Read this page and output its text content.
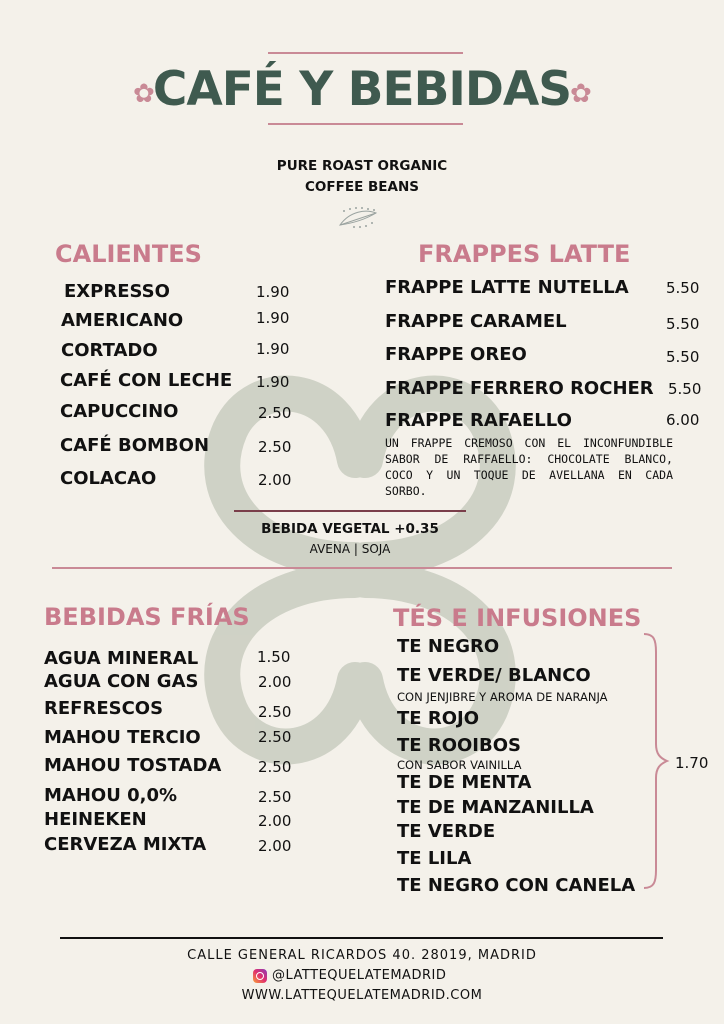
✿
CAFÉ Y BEBIDAS
✿
PURE ROAST ORGANIC
COFFEE BEANS
CALIENTES
EXPRESSO	1.90
AMERICANO	1.90
CORTADO	1.90
CAFÉ CON LECHE 1.90
CAPUCCINO	2.50
CAFÉ BOMBON	2.50
COLACAO	2.00
FRAPPES LATTE
FRAPPE LATTE NUTELLA 5.50
FRAPPE CARAMEL	5.50
FRAPPE OREO	5.50
FRAPPE FERRERO ROCHER 5.50
FRAPPE RAFAELLO	6.00
UN FRAPPE CREMOSO CON EL INCONFUNDIBLE SABOR DE RAFFAELLO: CHOCOLATE BLANCO, COCO Y UN TOQUE DE AVELLANA EN CADA SORBO.
BEBIDA VEGETAL +0.35
AVENA | SOJA
BEBIDAS FRÍAS
AGUA MINERAL	1.50
AGUA CON GAS	2.00
REFRESCOS	2.50
MAHOU TERCIO	2.50
MAHOU TOSTADA 2.50
MAHOU 0,0%	2.50
HEINEKEN	2.00
CERVEZA MIXTA	2.00
TÉS E INFUSIONES
TE NEGRO
TE VERDE/ BLANCO
CON JENJIBRE Y AROMA DE NARANJA
TE ROJO
TE ROOIBOS
CON SABOR VAINILLA
TE DE MENTA
TE DE MANZANILLA
TE VERDE
TE LILA
TE NEGRO CON CANELA
1.70
CALLE GENERAL RICARDOS 40. 28019, MADRID
@LATTEQUELATEMADRID
WWW.LATTEQUELATEMADRID.COM
